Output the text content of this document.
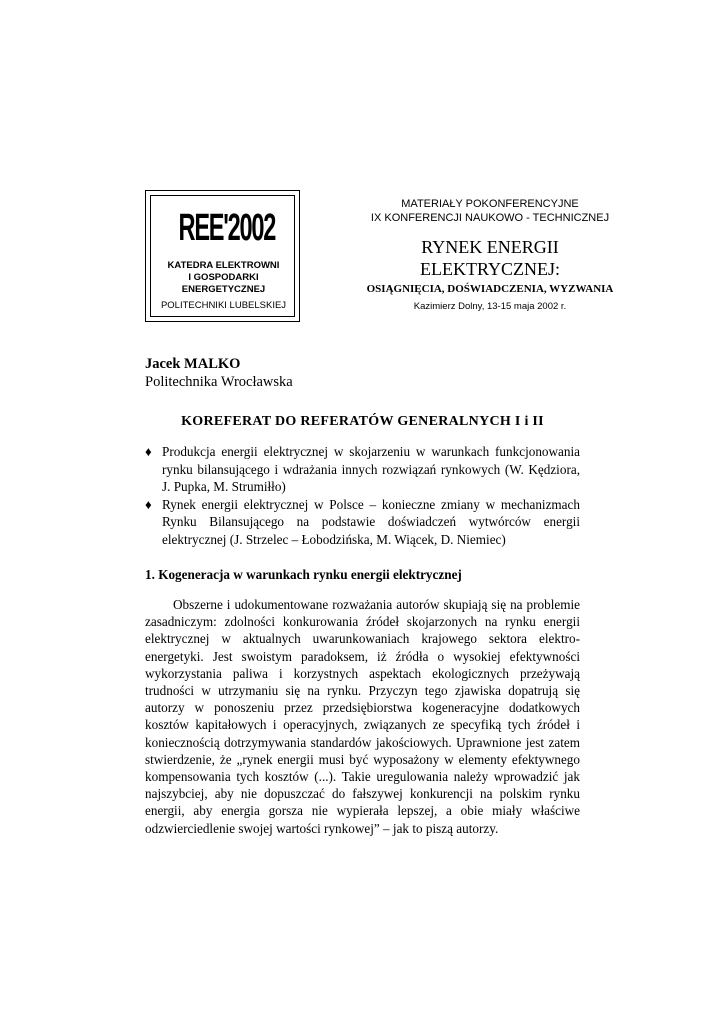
REE'2002
KATEDRA ELEKTROWNI
I GOSPODARKI
ENERGETYCZNEJ
POLITECHNIKI LUBELSKIEJ
MATERIAŁY POKONFERENCYJNE
IX KONFERENCJI NAUKOWO - TECHNICZNEJ
RYNEK ENERGII
ELEKTRYCZNEJ:
OSIĄGNIĘCIA, DOŚWIADCZENIA, WYZWANIA
Kazimierz Dolny, 13-15 maja 2002 r.
Jacek MALKO
Politechnika Wrocławska
KOREFERAT DO REFERATÓW GENERALNYCH I i II
♦ Produkcja energii elektrycznej w skojarzeniu w warunkach funkcjonowania rynku bilansującego i wdrażania innych rozwiązań rynkowych (W. Kędziora, J. Pupka, M. Strumiłło)
♦ Rynek energii elektrycznej w Polsce – konieczne zmiany w mechanizmach Rynku Bilansującego na podstawie doświadczeń wytwórców energii elektrycznej (J. Strzelec – Łobodzińska, M. Wiącek, D. Niemiec)
1. Kogeneracja w warunkach rynku energii elektrycznej
Obszerne i udokumentowane rozważania autorów skupiają się na problemie zasadniczym: zdolności konkurowania źródeł skojarzonych na rynku energii elektrycznej w aktualnych uwarunkowaniach krajowego sektora elektroenergetyki. Jest swoistym paradoksem, iż źródła o wysokiej efektywności wykorzystania paliwa i korzystnych aspektach ekologicznych przeżywają trudności w utrzymaniu się na rynku. Przyczyn tego zjawiska dopatrują się autorzy w ponoszeniu przez przedsiębiorstwa kogeneracyjne dodatkowych kosztów kapitałowych i operacyjnych, związanych ze specyfiką tych źródeł i koniecznością dotrzymywania standardów jakościowych. Uprawnione jest zatem stwierdzenie, że „rynek energii musi być wyposażony w elementy efektywnego kompensowania tych kosztów (...). Takie uregulowania należy wprowadzić jak najszybciej, aby nie dopuszczać do fałszywej konkurencji na polskim rynku energii, aby energia gorsza nie wypierała lepszej, a obie miały właściwe odzwierciedlenie swojej wartości rynkowej” – jak to piszą autorzy.
